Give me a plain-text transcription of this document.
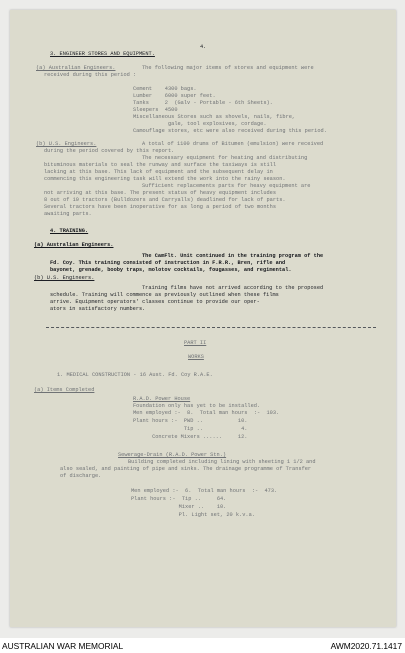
4.
3. ENGINEER STORES AND EQUIPMENT.
(a) Australian Engineers.	The following major items of stores and equipment were
received during this period :
Cement    4300 bags.
Lumber    6000 super feet.
Tanks     2  (Galv - Portable - 6th Sheets).
Sleepers  4500
Miscellaneous Stores such as shovels, nails, fibre,
gale, tool explosives, cordage.
Camouflage stores, etc were also received during this period.
(b) U.S. Engineers.	A total of 1100 drums of Bitumen (emulsion) were received
during the period covered by this report.
The necessary equipment for heating and distributing
bituminous materials to seal the runway and surface the taxiways is still
lacking at this base. This lack of equipment and the subsequent delay in
commencing this engineering task will extend the work into the rainy season.
Sufficient replacements parts for heavy equipment are
not arriving at this base. The present status of heavy equipment includes
8 out of 10 tractors (Bulldozers and Carryalls) deadlined for lack of parts.
Several tractors have been inoperative for as long a period of two months
awaiting parts.
4. TRAINING.
(a) Australian Engineers.
The CamFlt. Unit continued in the training program of the
Fd. Coy. This training consisted of instruction in F.R.R., Bren, rifle and
bayonet, grenade, booby traps, molotov cocktails, fougasses, and regimental.
(b) U.S. Engineers.
Training films have not arrived according to the proposed
schedule. Training will commence as previously outlined when these films
arrive. Equipment operators' classes continue to provide our oper-
ators in satisfactory numbers.
PART II
WORKS
1. MEDICAL CONSTRUCTION - 16 Aust. Fd. Coy R.A.E.
(a) Items Completed
R.A.D. Power House
Foundation only has yet to be installed.
Men employed :-  8.  Total man hours  :-  103.
Plant hours :-  PWD ..           10.
Tip ..            4.
Concrete Mixers ......     12.
Sewerage-Drain (R.A.D. Power Stn.)
Building completed including lining with sheeting 1 1/2 and
also sealed, and painting of pipe and sinks. The drainage programme of Transfer
of discharge.
Men employed :-  6.  Total man hours  :-  473.
Plant hours :-  Tip ..     64.
Mixer ..    10.
Pl. Light set, 20 k.v.a.
AUSTRALIAN WAR MEMORIAL	AWM2020.71.1417
